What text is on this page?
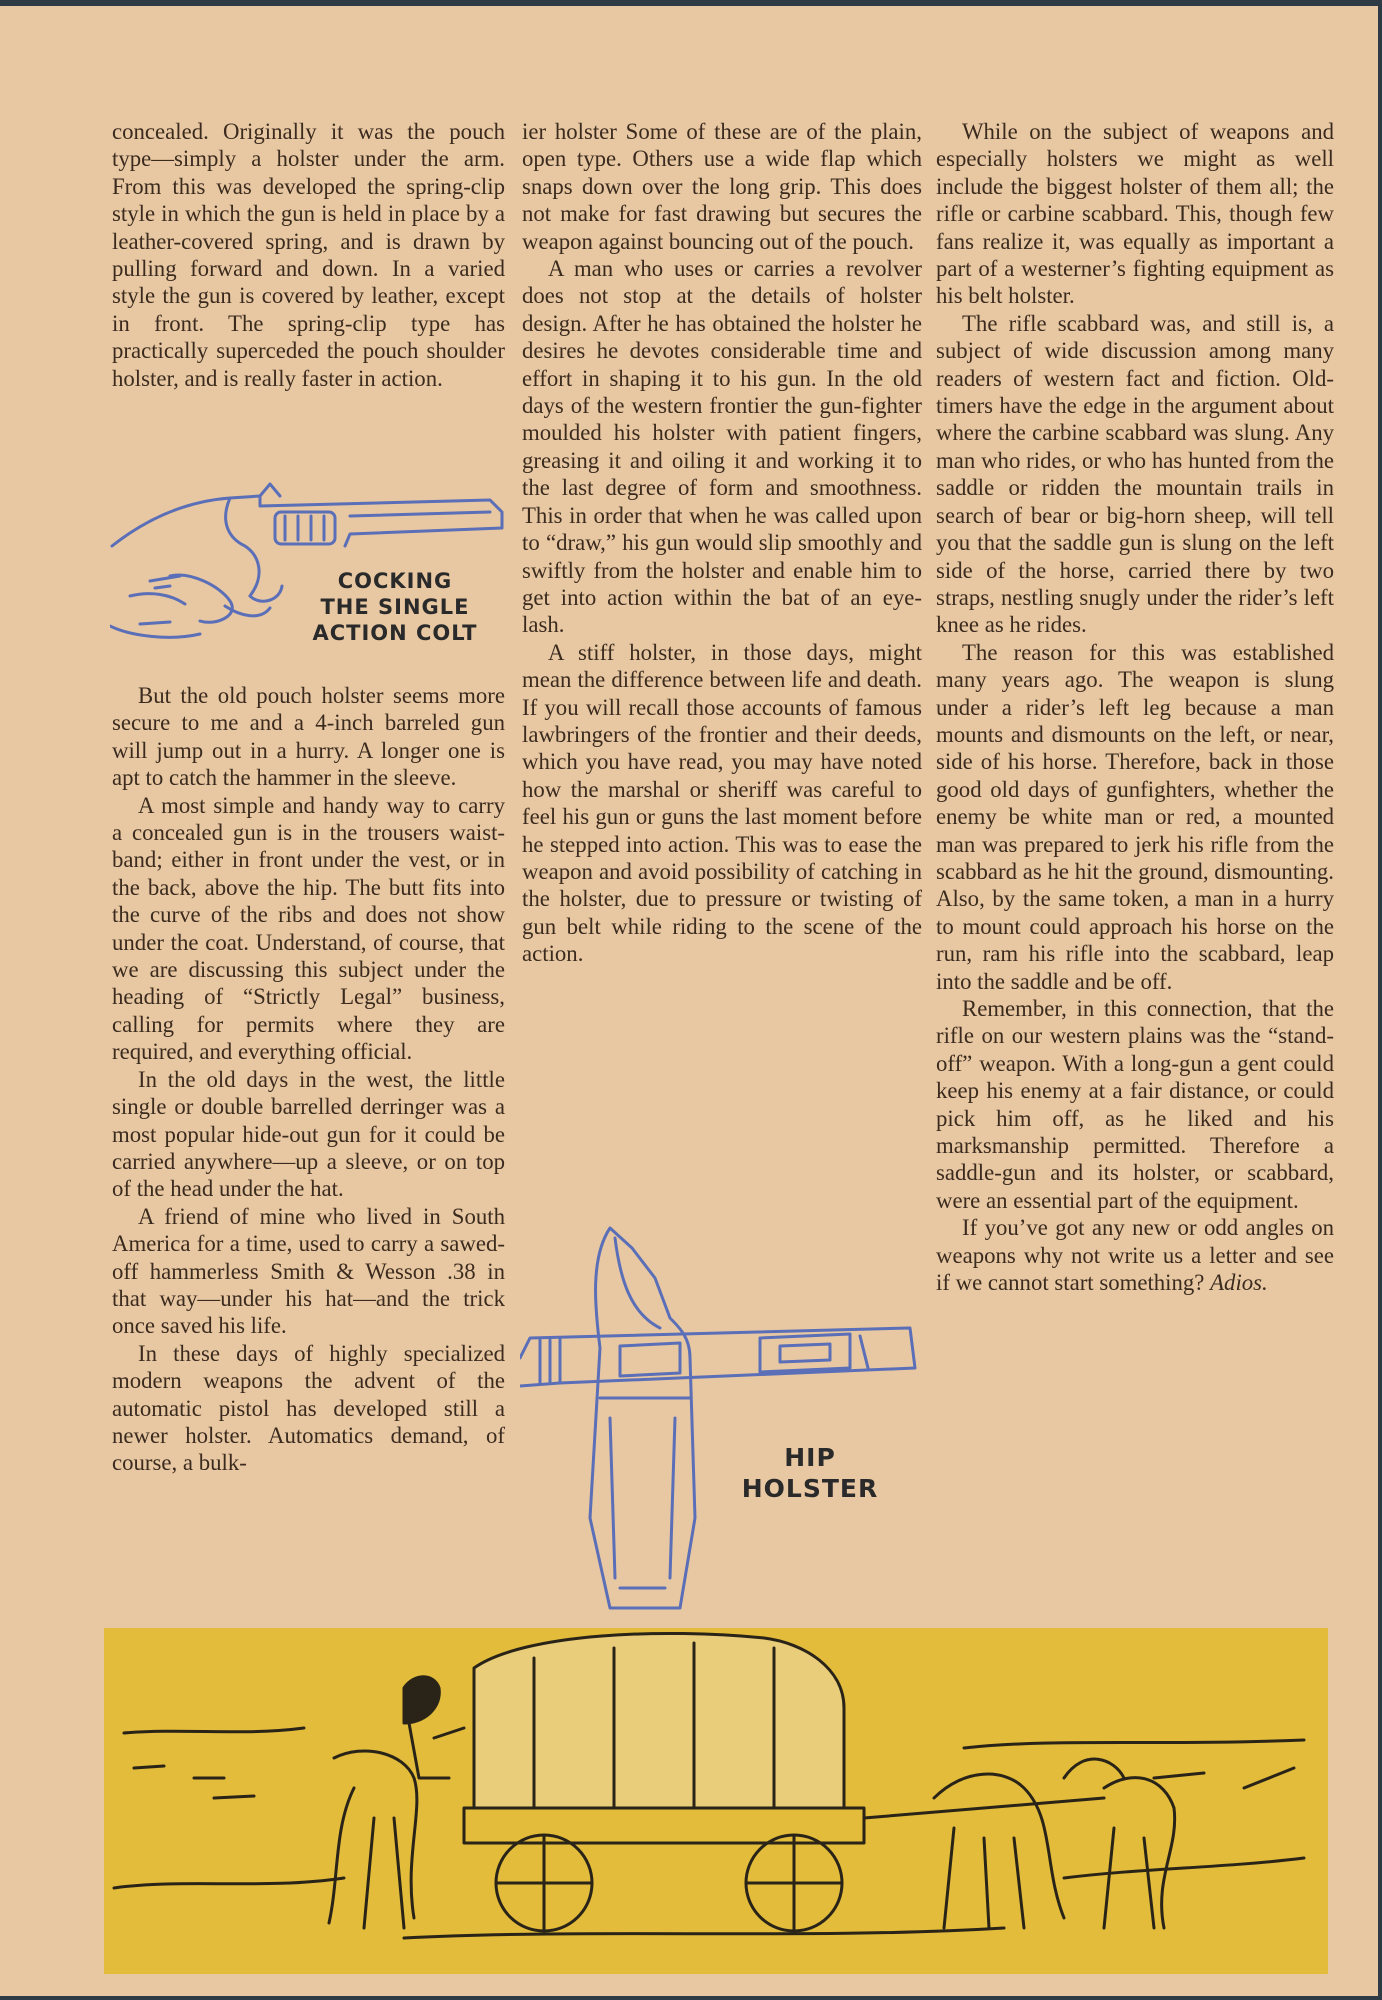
concealed. Originally it was the pouch type—simply a holster under the arm. From this was developed the spring-clip style in which the gun is held in place by a leather-covered spring, and is drawn by pulling forward and down. In a varied style the gun is covered by leather, except in front. The spring-clip type has practically superceded the pouch shoulder holster, and is really faster in action.

COCKING
THE SINGLE
ACTION COLT

But the old pouch holster seems more secure to me and a 4-inch barreled gun will jump out in a hurry. A longer one is apt to catch the hammer in the sleeve.

A most simple and handy way to carry a concealed gun is in the trousers waist-band; either in front under the vest, or in the back, above the hip. The butt fits into the curve of the ribs and does not show under the coat. Understand, of course, that we are discussing this subject under the heading of “Strictly Legal” business, calling for permits where they are required, and everything official.

In the old days in the west, the little single or double barrelled derringer was a most popular hide-out gun for it could be carried anywhere—up a sleeve, or on top of the head under the hat.

A friend of mine who lived in South America for a time, used to carry a sawed-off hammerless Smith & Wesson .38 in that way—under his hat—and the trick once saved his life.

In these days of highly specialized modern weapons the advent of the automatic pistol has developed still a newer holster. Automatics demand, of course, a bulk-

ier holster Some of these are of the plain, open type. Others use a wide flap which snaps down over the long grip. This does not make for fast drawing but secures the weapon against bouncing out of the pouch.

A man who uses or carries a revolver does not stop at the details of holster design. After he has obtained the holster he desires he devotes considerable time and effort in shaping it to his gun. In the old days of the western frontier the gun-fighter moulded his holster with patient fingers, greasing it and oiling it and working it to the last degree of form and smoothness. This in order that when he was called upon to “draw,” his gun would slip smoothly and swiftly from the holster and enable him to get into action within the bat of an eye-lash.

A stiff holster, in those days, might mean the difference between life and death. If you will recall those accounts of famous lawbringers of the frontier and their deeds, which you have read, you may have noted how the marshal or sheriff was careful to feel his gun or guns the last moment before he stepped into action. This was to ease the weapon and avoid possibility of catching in the holster, due to pressure or twisting of gun belt while riding to the scene of the action.

HIP
HOLSTER

While on the subject of weapons and especially holsters we might as well include the biggest holster of them all; the rifle or carbine scabbard. This, though few fans realize it, was equally as important a part of a westerner’s fighting equipment as his belt holster.

The rifle scabbard was, and still is, a subject of wide discussion among many readers of western fact and fiction. Old-timers have the edge in the argument about where the carbine scabbard was slung. Any man who rides, or who has hunted from the saddle or ridden the mountain trails in search of bear or big-horn sheep, will tell you that the saddle gun is slung on the left side of the horse, carried there by two straps, nestling snugly under the rider’s left knee as he rides.

The reason for this was established many years ago. The weapon is slung under a rider’s left leg because a man mounts and dismounts on the left, or near, side of his horse. Therefore, back in those good old days of gunfighters, whether the enemy be white man or red, a mounted man was prepared to jerk his rifle from the scabbard as he hit the ground, dismounting. Also, by the same token, a man in a hurry to mount could approach his horse on the run, ram his rifle into the scabbard, leap into the saddle and be off.

Remember, in this connection, that the rifle on our western plains was the “stand-off” weapon. With a long-gun a gent could keep his enemy at a fair distance, or could pick him off, as he liked and his marksmanship permitted. Therefore a saddle-gun and its holster, or scabbard, were an essential part of the equipment.

If you’ve got any new or odd angles on weapons why not write us a letter and see if we cannot start something? Adios.
